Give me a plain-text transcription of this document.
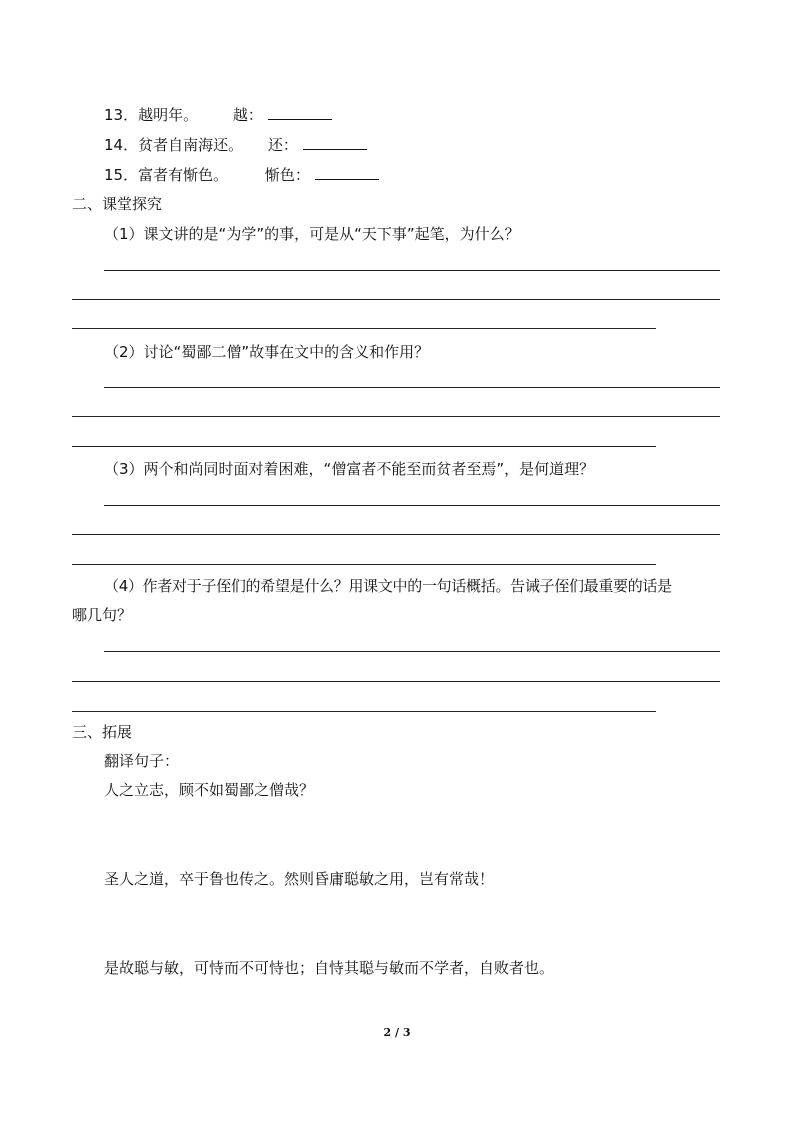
13．越明年。 越：
14．贫者自南海还。 还：
15．富者有惭色。 惭色：
二、课堂探究
（1）课文讲的是“为学”的事，可是从“天下事”起笔，为什么？
（2）讨论“蜀鄙二僧”故事在文中的含义和作用？
（3）两个和尚同时面对着困难，“僧富者不能至而贫者至焉”，是何道理？
（4）作者对于子侄们的希望是什么？用课文中的一句话概括。告诫子侄们最重要的话是
哪几句？
三、拓展
翻译句子：
人之立志，顾不如蜀鄙之僧哉？
圣人之道，卒于鲁也传之。然则昏庸聪敏之用，岂有常哉！
是故聪与敏，可恃而不可恃也；自恃其聪与敏而不学者，自败者也。
2 / 3
